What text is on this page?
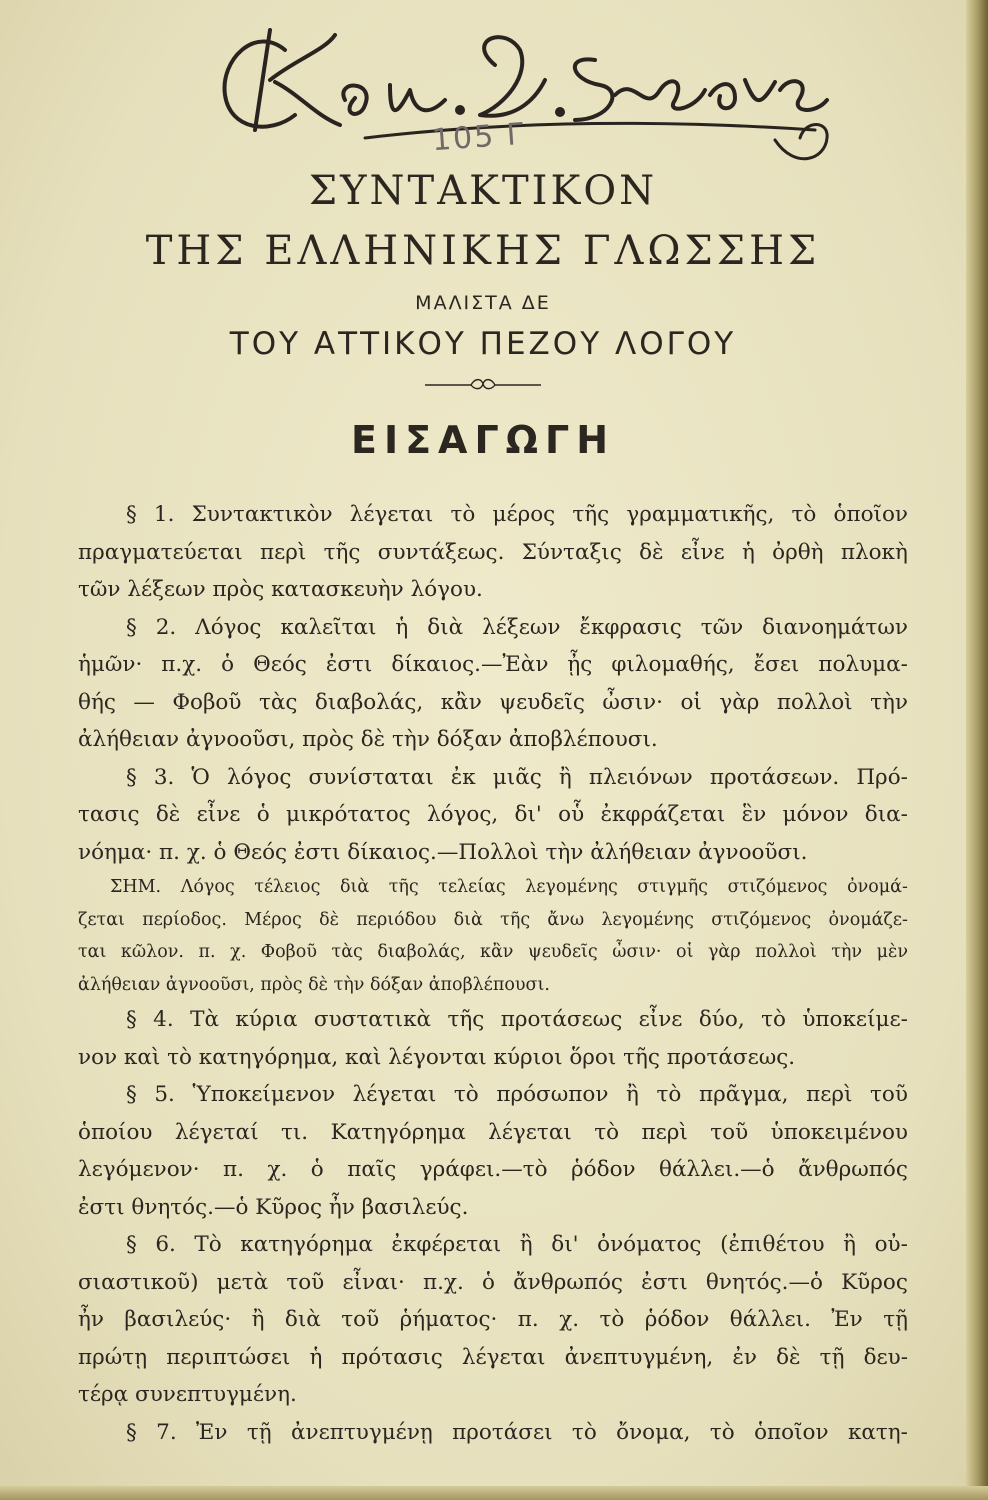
Καν. Δ. Στεφανούσης
105 Γ
ΣΥΝΤΑΚΤΙΚΟΝ
ΤΗΣ ΕΛΛΗΝΙΚΗΣ ΓΛΩΣΣΗΣ
ΜΑΛΙΣΤΑ ΔΕ
ΤΟΥ ΑΤΤΙΚΟΥ ΠΕΖΟΥ ΛΟΓΟΥ
ΕΙΣΑΓΩΓΗ
§ 1. Συντακτικὸν λέγεται τὸ μέρος τῆς γραμματικῆς, τὸ ὁποῖον
πραγματεύεται περὶ τῆς συντάξεως. Σύνταξις δὲ εἶνε ἡ ὀρθὴ πλοκὴ
τῶν λέξεων πρὸς κατασκευὴν λόγου.
§ 2. Λόγος καλεῖται ἡ διὰ λέξεων ἔκφρασις τῶν διανοημάτων
ἡμῶν· π.χ. ὁ Θεός ἐστι δίκαιος.—Ἐὰν ᾖς φιλομαθής, ἔσει πολυμα-
θής — Φοβοῦ τὰς διαβολάς, κἂν ψευδεῖς ὦσιν· οἱ γὰρ πολλοὶ τὴν
ἀλήθειαν ἀγνοοῦσι, πρὸς δὲ τὴν δόξαν ἀποβλέπουσι.
§ 3. Ὁ λόγος συνίσταται ἐκ μιᾶς ἢ πλειόνων προτάσεων. Πρό-
τασις δὲ εἶνε ὁ μικρότατος λόγος, δι' οὗ ἐκφράζεται ἓν μόνον δια-
νόημα· π. χ. ὁ Θεός ἐστι δίκαιος.—Πολλοὶ τὴν ἀλήθειαν ἀγνοοῦσι.
ΣΗΜ. Λόγος τέλειος διὰ τῆς τελείας λεγομένης στιγμῆς στιζόμενος ὀνομά-
ζεται περίοδος. Μέρος δὲ περιόδου διὰ τῆς ἄνω λεγομένης στιζόμενος ὀνομάζε-
ται κῶλον. π. χ. Φοβοῦ τὰς διαβολάς, κἂν ψευδεῖς ὦσιν· οἱ γὰρ πολλοὶ τὴν μὲν
ἀλήθειαν ἀγνοοῦσι, πρὸς δὲ τὴν δόξαν ἀποβλέπουσι.
§ 4. Τὰ κύρια συστατικὰ τῆς προτάσεως εἶνε δύο, τὸ ὑποκείμε-
νον καὶ τὸ κατηγόρημα, καὶ λέγονται κύριοι ὅροι τῆς προτάσεως.
§ 5. Ὑποκείμενον λέγεται τὸ πρόσωπον ἢ τὸ πρᾶγμα, περὶ τοῦ
ὁποίου λέγεταί τι. Κατηγόρημα λέγεται τὸ περὶ τοῦ ὑποκειμένου
λεγόμενον· π. χ. ὁ παῖς γράφει.—τὸ ῥόδον θάλλει.—ὁ ἄνθρωπός
ἐστι θνητός.—ὁ Κῦρος ἦν βασιλεύς.
§ 6. Τὸ κατηγόρημα ἐκφέρεται ἢ δι' ὀνόματος (ἐπιθέτου ἢ οὐ-
σιαστικοῦ) μετὰ τοῦ εἶναι· π.χ. ὁ ἄνθρωπός ἐστι θνητός.—ὁ Κῦρος
ἦν βασιλεύς· ἢ διὰ τοῦ ῥήματος· π. χ. τὸ ῥόδον θάλλει. Ἐν τῇ
πρώτῃ περιπτώσει ἡ πρότασις λέγεται ἀνεπτυγμένη, ἐν δὲ τῇ δευ-
τέρᾳ συνεπτυγμένη.
§ 7. Ἐν τῇ ἀνεπτυγμένῃ προτάσει τὸ ὄνομα, τὸ ὁποῖον κατη-
